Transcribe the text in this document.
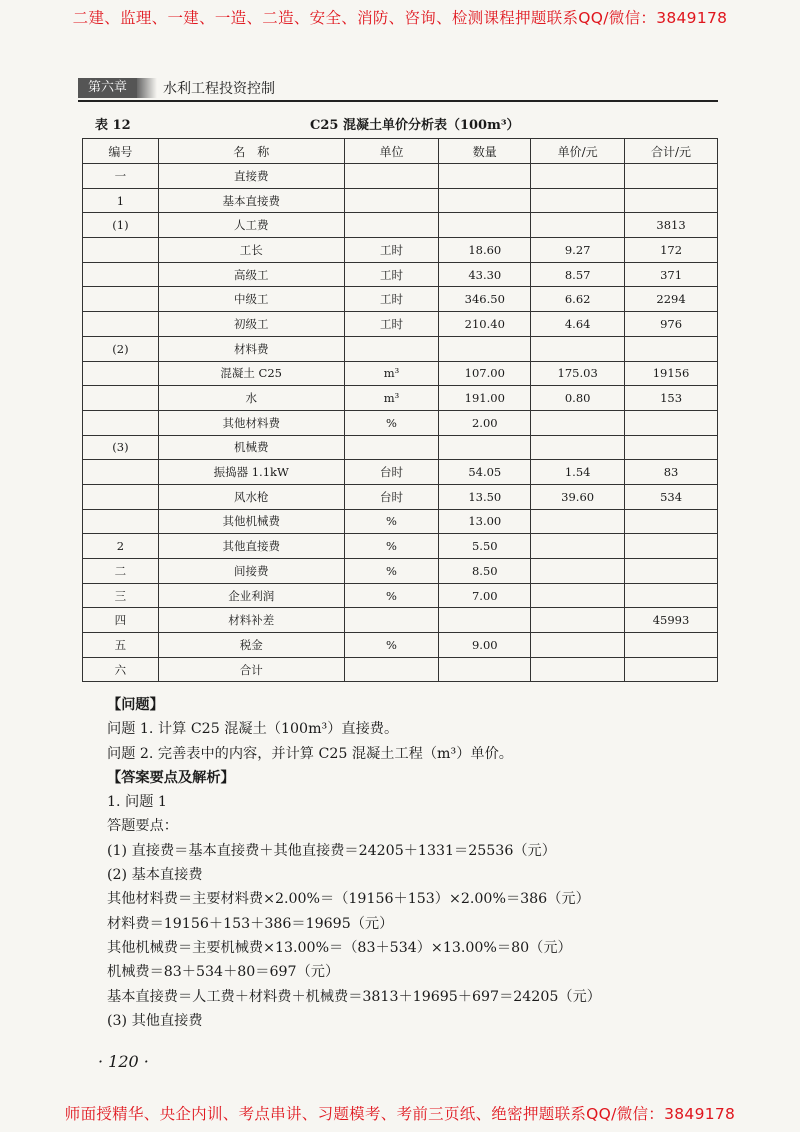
二建、监理、一建、一造、二造、安全、消防、咨询、检测课程押题联系QQ/微信：3849178
第六章	水利工程投资控制
表 12	C25 混凝土单价分析表（100m³）
编号	名　称	单位	数量	单价/元	合计/元
一	直接费				
1	基本直接费				
(1)	人工费				3813
	工长	工时	18.60	9.27	172
	高级工	工时	43.30	8.57	371
	中级工	工时	346.50	6.62	2294
	初级工	工时	210.40	4.64	976
(2)	材料费				
	混凝土 C25	m³	107.00	175.03	19156
	水	m³	191.00	0.80	153
	其他材料费	%	2.00		
(3)	机械费				
	振捣器 1.1kW	台时	54.05	1.54	83
	风水枪	台时	13.50	39.60	534
	其他机械费	%	13.00		
2	其他直接费	%	5.50		
二	间接费	%	8.50		
三	企业利润	%	7.00		
四	材料补差				45993
五	税金	%	9.00		
六	合计				
【问题】
问题 1. 计算 C25 混凝土（100m³）直接费。
问题 2. 完善表中的内容，并计算 C25 混凝土工程（m³）单价。
【答案要点及解析】
1. 问题 1
答题要点：
(1) 直接费＝基本直接费＋其他直接费＝24205＋1331＝25536（元）
(2) 基本直接费
其他材料费＝主要材料费×2.00%＝（19156＋153）×2.00%＝386（元）
材料费＝19156＋153＋386＝19695（元）
其他机械费＝主要机械费×13.00%＝（83＋534）×13.00%＝80（元）
机械费＝83＋534＋80＝697（元）
基本直接费＝人工费＋材料费＋机械费＝3813＋19695＋697＝24205（元）
(3) 其他直接费
· 120 ·
师面授精华、央企内训、考点串讲、习题模考、考前三页纸、绝密押题联系QQ/微信：3849178
